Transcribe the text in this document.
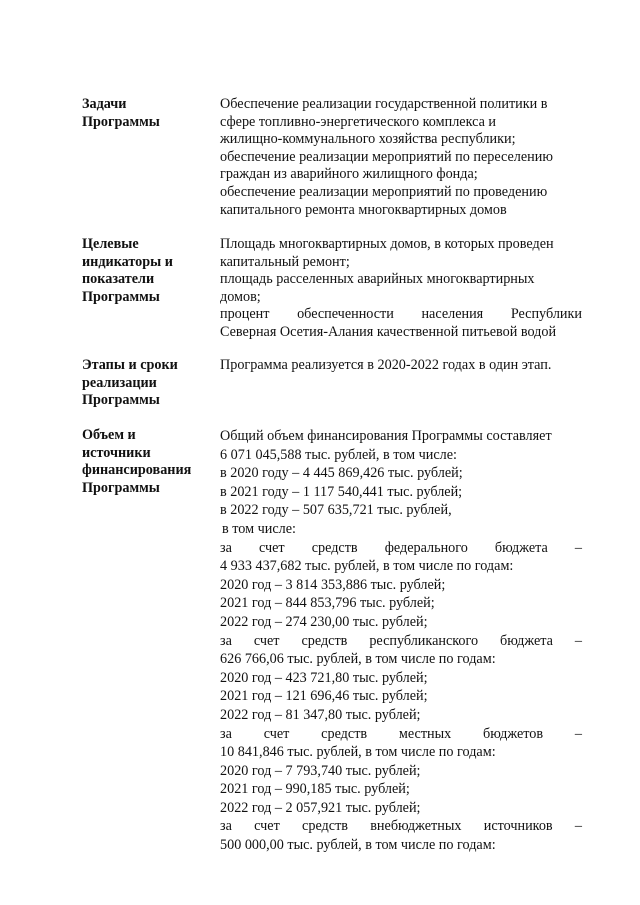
Задачи
Программы
Обеспечение реализации государственной политики в
сфере топливно-энергетического комплекса и
жилищно-коммунального хозяйства республики;
обеспечение реализации мероприятий по переселению
граждан из аварийного жилищного фонда;
обеспечение реализации мероприятий по проведению
капитального ремонта многоквартирных домов
Целевые
индикаторы и
показатели
Программы
Площадь многоквартирных домов, в которых проведен
капитальный ремонт;
площадь расселенных аварийных многоквартирных
домов;
процент обеспеченности населения Республики
Северная Осетия-Алания качественной питьевой водой
Этапы и сроки
реализации
Программы
Программа реализуется в 2020-2022 годах в один этап.
Объем и
источники
финансирования
Программы
Общий объем финансирования Программы составляет
6 071 045,588 тыс. рублей, в том числе:
в 2020 году – 4 445 869,426 тыс. рублей;
в 2021 году – 1 117 540,441 тыс. рублей;
в 2022 году – 507 635,721 тыс. рублей,
в том числе:
за счет средств федерального бюджета –
4 933 437,682 тыс. рублей, в том числе по годам:
2020 год – 3 814 353,886 тыс. рублей;
2021 год – 844 853,796 тыс. рублей;
2022 год – 274 230,00 тыс. рублей;
за счет средств республиканского бюджета –
626 766,06 тыс. рублей, в том числе по годам:
2020 год – 423 721,80 тыс. рублей;
2021 год – 121 696,46 тыс. рублей;
2022 год – 81 347,80 тыс. рублей;
за счет средств местных бюджетов –
10 841,846 тыс. рублей, в том числе по годам:
2020 год – 7 793,740 тыс. рублей;
2021 год – 990,185 тыс. рублей;
2022 год – 2 057,921 тыс. рублей;
за счет средств внебюджетных источников –
500 000,00 тыс. рублей, в том числе по годам:
